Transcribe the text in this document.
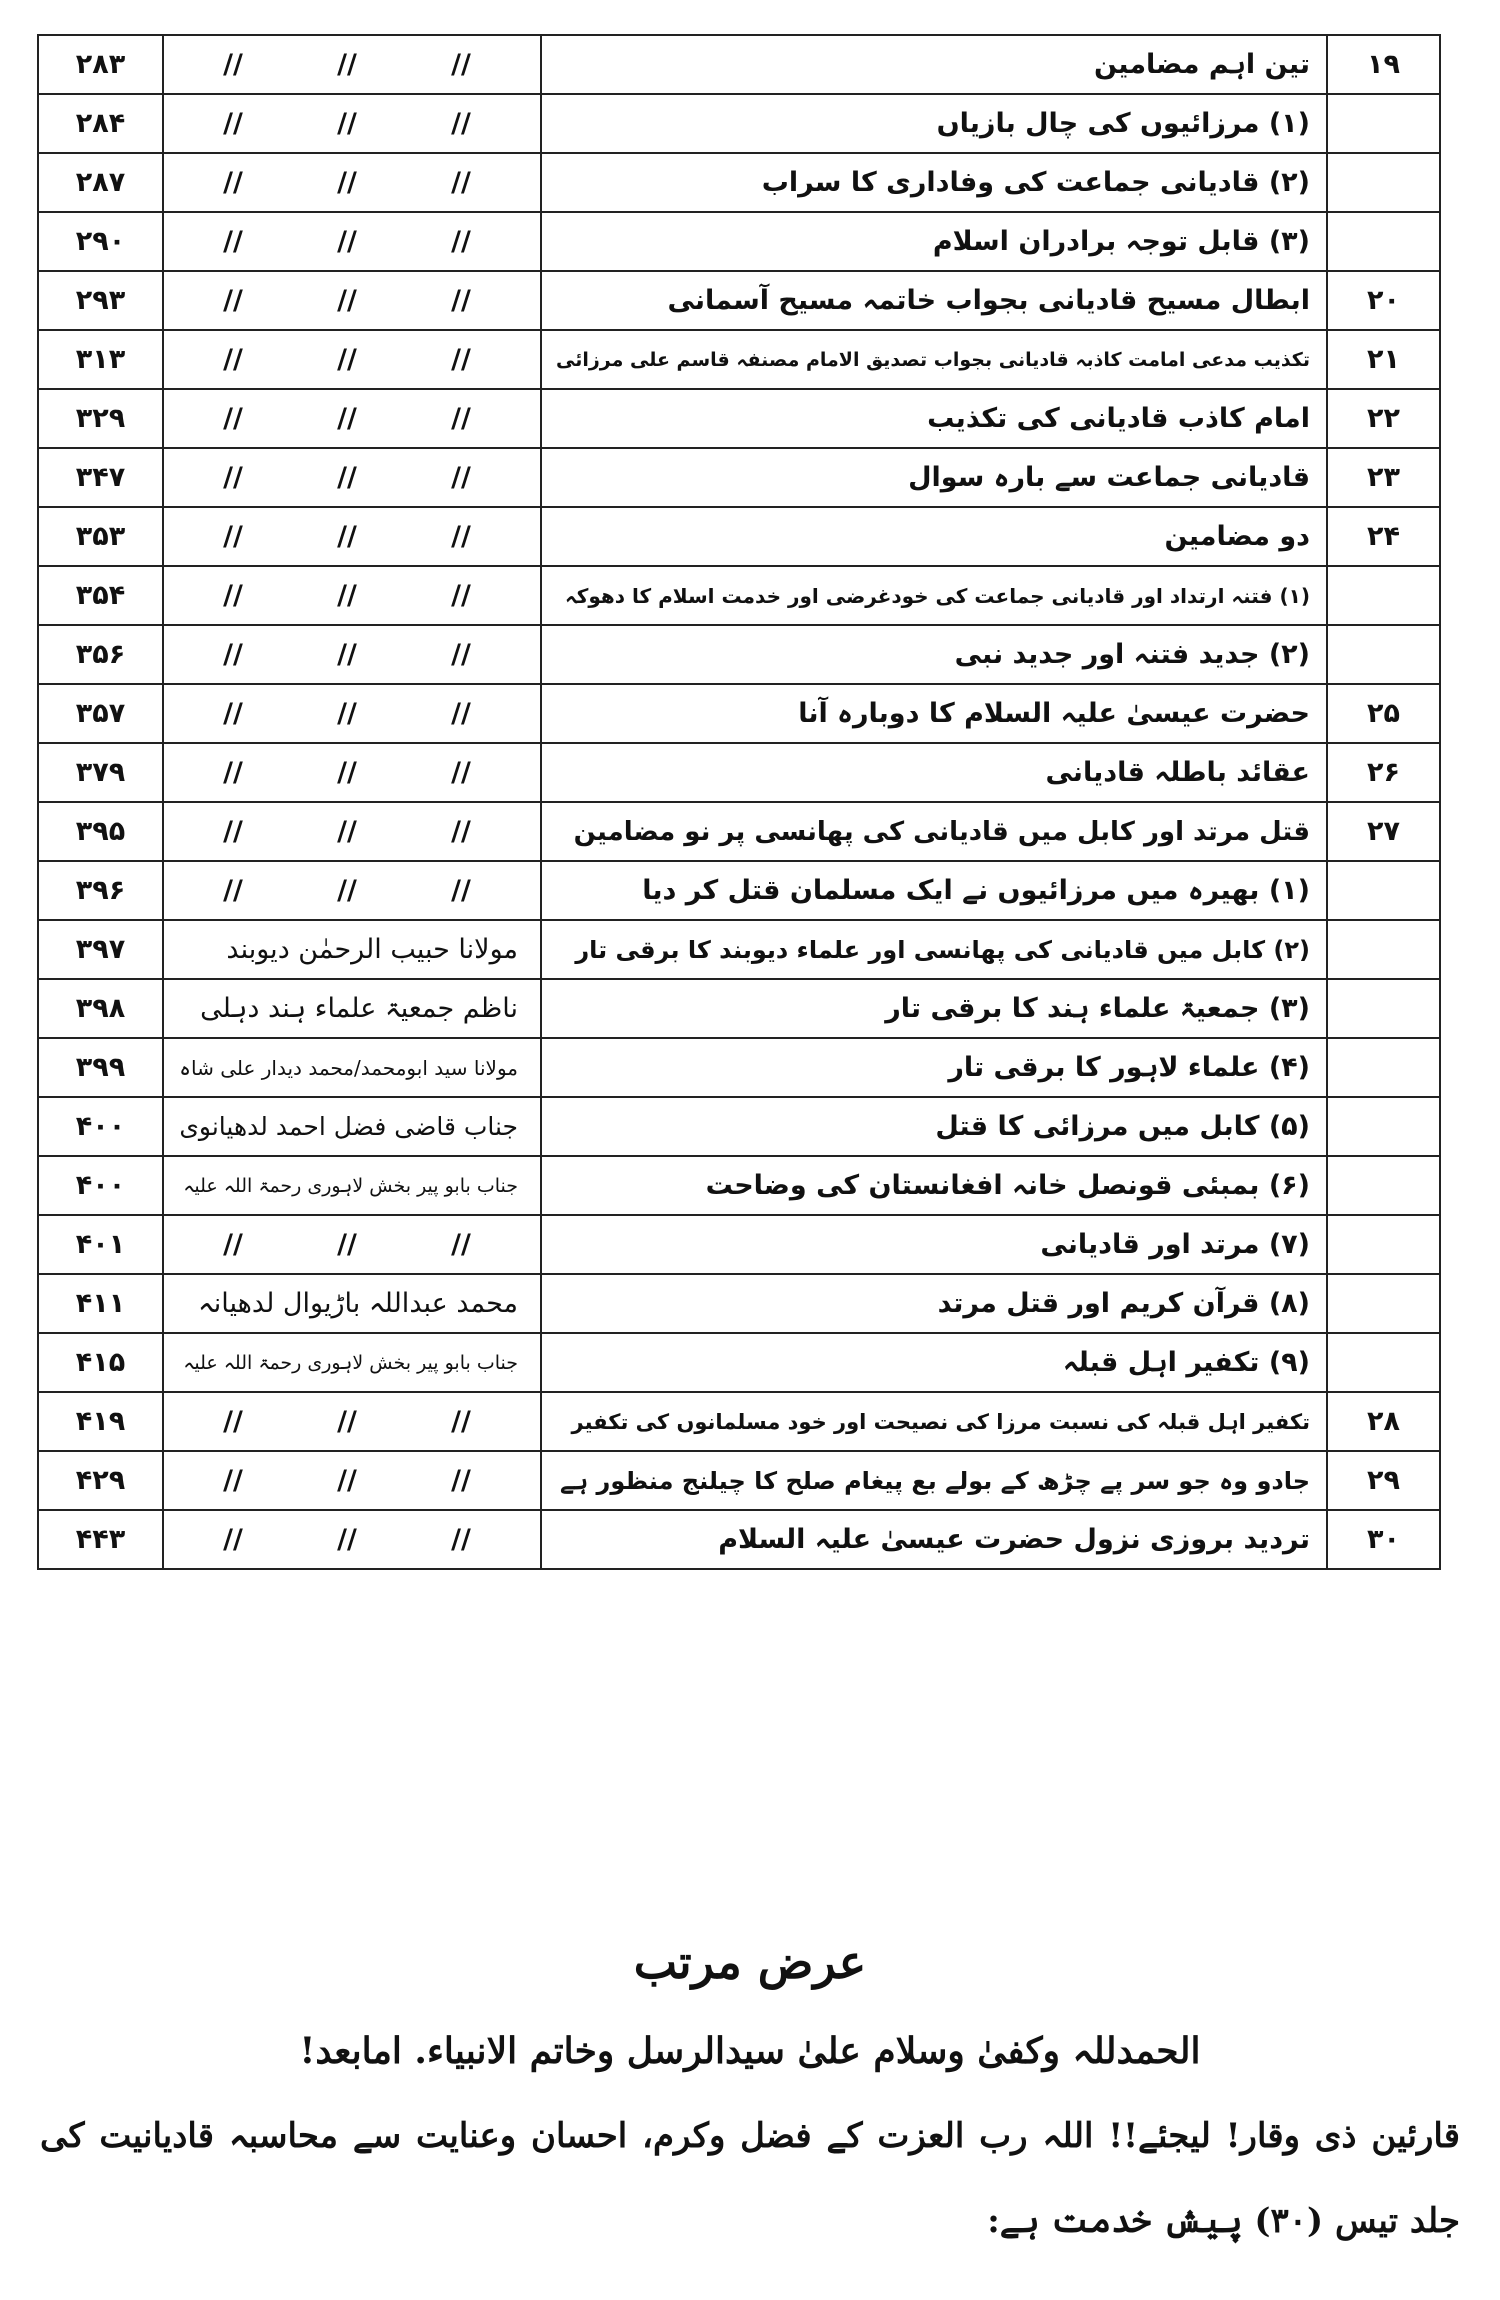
۲۸۳	// // //	تین اہم مضامین	۱۹
۲۸۴	// // //	(۱) مرزائیوں کی چال بازیاں	
۲۸۷	// // //	(۲) قادیانی جماعت کی وفاداری کا سراب	
۲۹۰	// // //	(۳) قابل توجہ برادران اسلام	
۲۹۳	// // //	ابطال مسیح قادیانی بجواب خاتمہ مسیح آسمانی	۲۰
۳۱۳	// // //	تکذیب مدعی امامت کاذبہ قادیانی بجواب تصدیق الامام مصنفہ قاسم علی مرزائی	۲۱
۳۲۹	// // //	امام کاذب قادیانی کی تکذیب	۲۲
۳۴۷	// // //	قادیانی جماعت سے بارہ سوال	۲۳
۳۵۳	// // //	دو مضامین	۲۴
۳۵۴	// // //	(۱) فتنہ ارتداد اور قادیانی جماعت کی خودغرضی اور خدمت اسلام کا دھوکہ	
۳۵۶	// // //	(۲) جدید فتنہ اور جدید نبی	
۳۵۷	// // //	حضرت عیسیٰ علیہ السلام کا دوبارہ آنا	۲۵
۳۷۹	// // //	عقائد باطلہ قادیانی	۲۶
۳۹۵	// // //	قتل مرتد اور کابل میں قادیانی کی پھانسی پر نو مضامین	۲۷
۳۹۶	// // //	(۱) بھیرہ میں مرزائیوں نے ایک مسلمان قتل کر دیا	
۳۹۷	مولانا حبیب الرحمٰن دیوبند	(۲) کابل میں قادیانی کی پھانسی اور علماء دیوبند کا برقی تار	
۳۹۸	ناظم جمعیۃ علماء ہند دہلی	(۳) جمعیۃ علماء ہند کا برقی تار	
۳۹۹	مولانا سید ابومحمد/محمد دیدار علی شاہ	(۴) علماء لاہور کا برقی تار	
۴۰۰	جناب قاضی فضل احمد لدھیانوی	(۵) کابل میں مرزائی کا قتل	
۴۰۰	جناب بابو پیر بخش لاہوری رحمۃ اللہ علیہ	(۶) بمبئی قونصل خانہ افغانستان کی وضاحت	
۴۰۱	// // //	(۷) مرتد اور قادیانی	
۴۱۱	محمد عبداللہ باڑیوال لدھیانہ	(۸) قرآن کریم اور قتل مرتد	
۴۱۵	جناب بابو پیر بخش لاہوری رحمۃ اللہ علیہ	(۹) تکفیر اہل قبلہ	
۴۱۹	// // //	تکفیر اہل قبلہ کی نسبت مرزا کی نصیحت اور خود مسلمانوں کی تکفیر	۲۸
۴۲۹	// // //	جادو وہ جو سر پے چڑھ کے بولے بع پیغام صلح کا چیلنج منظور ہے	۲۹
۴۴۳	// // //	تردید بروزی نزول حضرت عیسیٰ علیہ السلام	۳۰
عرض مرتب
الحمدللہ وکفیٰ وسلام علیٰ سیدالرسل وخاتم الانبیاء. امابعد!
قارئین ذی وقار! لیجئے!! اللہ رب العزت کے فضل وکرم، احسان وعنایت سے محاسبہ قادیانیت کی
جلد تیس (۳۰) پیش خدمت ہے:
